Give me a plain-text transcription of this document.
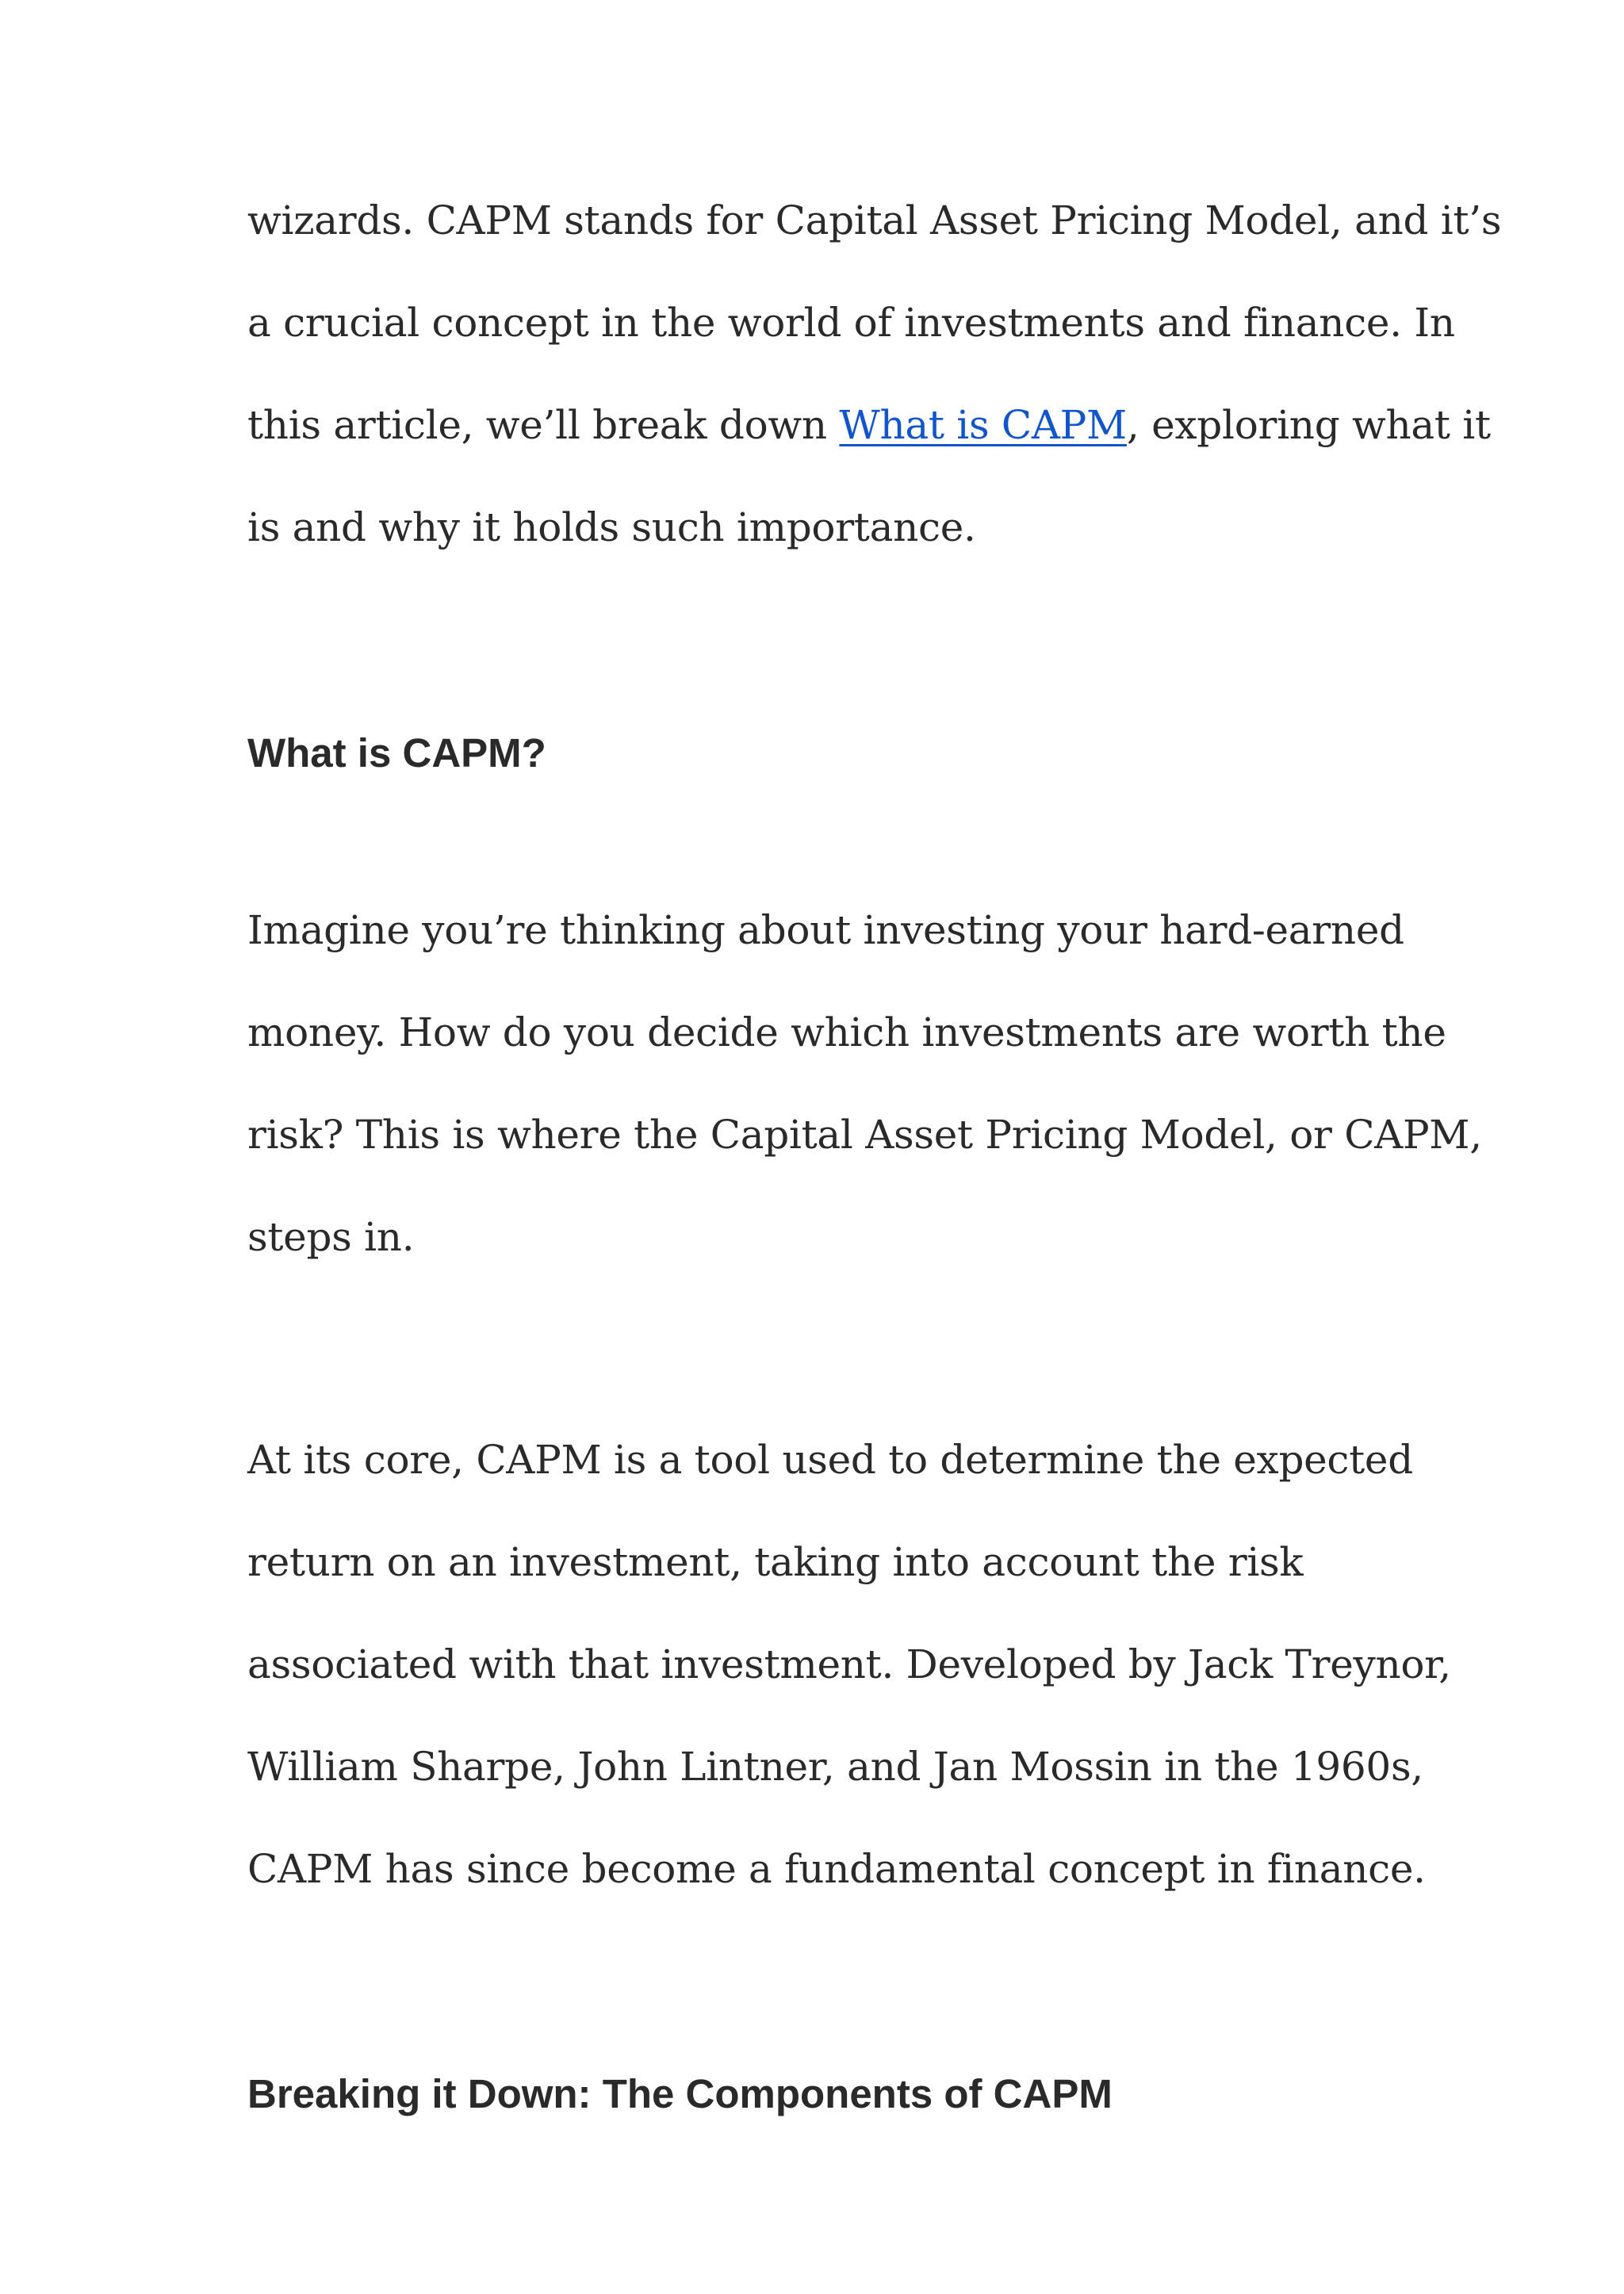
wizards. CAPM stands for Capital Asset Pricing Model, and it’s
a crucial concept in the world of investments and finance. In
this article, we’ll break down What is CAPM, exploring what it
is and why it holds such importance.
What is CAPM?
Imagine you’re thinking about investing your hard-earned
money. How do you decide which investments are worth the
risk? This is where the Capital Asset Pricing Model, or CAPM,
steps in.
At its core, CAPM is a tool used to determine the expected
return on an investment, taking into account the risk
associated with that investment. Developed by Jack Treynor,
William Sharpe, John Lintner, and Jan Mossin in the 1960s,
CAPM has since become a fundamental concept in finance.
Breaking it Down: The Components of CAPM
